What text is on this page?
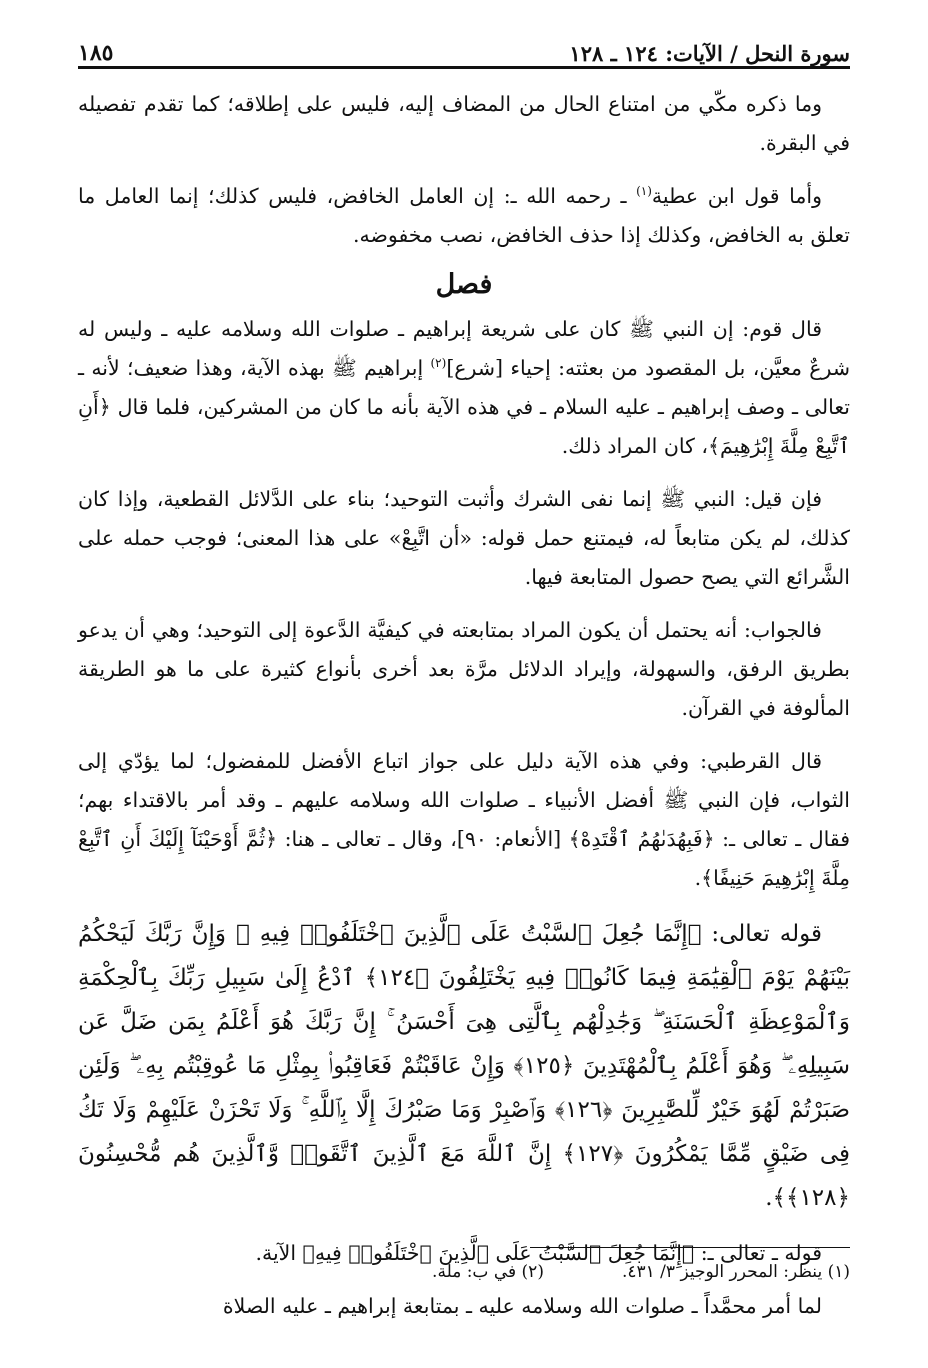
سورة النحل / الآيات: ١٢٤ ـ ١٢٨
١٨٥

وما ذكره مكّي من امتناع الحال من المضاف إليه، فليس على إطلاقه؛ كما تقدم تفصيله في البقرة.

وأما قول ابن عطية$^{(١)}$ ـ رحمه الله ـ: إن العامل الخافض، فليس كذلك؛ إنما العامل ما تعلق به الخافض، وكذلك إذا حذف الخافض، نصب مخفوضه.

فصل

قال قوم: إن النبي ﷺ كان على شريعة إبراهيم ـ صلوات الله وسلامه عليه ـ وليس له شرعٌ معيَّن، بل المقصود من بعثته: إحياء [شرع]$^{(٢)}$ إبراهيم ﷺ بهذه الآية، وهذا ضعيف؛ لأنه ـ تعالى ـ وصف إبراهيم ـ عليه السلام ـ في هذه الآية بأنه ما كان من المشركين، فلما قال ﴿أَنِ ٱتَّبِعْ مِلَّةَ إِبْرَٰهِيمَ﴾، كان المراد ذلك.

فإن قيل: النبي ﷺ إنما نفى الشرك وأثبت التوحيد؛ بناء على الدَّلائل القطعية، وإذا كان كذلك، لم يكن متابعاً له، فيمتنع حمل قوله: «أن اتَّبِعْ» على هذا المعنى؛ فوجب حمله على الشَّرائع التي يصح حصول المتابعة فيها.

فالجواب: أنه يحتمل أن يكون المراد بمتابعته في كيفيَّة الدَّعوة إلى التوحيد؛ وهي أن يدعو بطريق الرفق، والسهولة، وإيراد الدلائل مرَّة بعد أخرى بأنواع كثيرة على ما هو الطريقة المألوفة في القرآن.

قال القرطبي: وفي هذه الآية دليل على جواز اتباع الأفضل للمفضول؛ لما يؤدّي إلى الثواب، فإن النبي ﷺ أفضل الأنبياء ـ صلوات الله وسلامه عليهم ـ وقد أمر بالاقتداء بهم؛ فقال ـ تعالى ـ: ﴿فَبِهُدَىٰهُمُ ٱقْتَدِهْ﴾ [الأنعام: ٩٠]، وقال ـ تعالى ـ هنا: ﴿ثُمَّ أَوْحَيْنَآ إِلَيْكَ أَنِ ٱتَّبِعْ مِلَّةَ إِبْرَٰهِيمَ حَنِيفًا﴾.

قوله تعالى: ﴿إِنَّمَا جُعِلَ ٱلسَّبْتُ عَلَى ٱلَّذِينَ ٱخْتَلَفُوا۟ فِيهِ ۚ وَإِنَّ رَبَّكَ لَيَحْكُمُ بَيْنَهُمْ يَوْمَ ٱلْقِيَٰمَةِ فِيمَا كَانُوا۟ فِيهِ يَخْتَلِفُونَ ﴿١٢٤﴾ ٱدْعُ إِلَىٰ سَبِيلِ رَبِّكَ بِٱلْحِكْمَةِ وَٱلْمَوْعِظَةِ ٱلْحَسَنَةِ ۖ وَجَٰدِلْهُم بِٱلَّتِى هِىَ أَحْسَنُ ۚ إِنَّ رَبَّكَ هُوَ أَعْلَمُ بِمَن ضَلَّ عَن سَبِيلِهِۦ ۖ وَهُوَ أَعْلَمُ بِٱلْمُهْتَدِينَ ﴿١٢٥﴾ وَإِنْ عَاقَبْتُمْ فَعَاقِبُوا۟ بِمِثْلِ مَا عُوقِبْتُم بِهِۦ ۖ وَلَئِن صَبَرْتُمْ لَهُوَ خَيْرٌ لِّلصَّٰبِرِينَ ﴿١٢٦﴾ وَٱصْبِرْ وَمَا صَبْرُكَ إِلَّا بِٱللَّهِ ۚ وَلَا تَحْزَنْ عَلَيْهِمْ وَلَا تَكُ فِى ضَيْقٍ مِّمَّا يَمْكُرُونَ ﴿١٢٧﴾ إِنَّ ٱللَّهَ مَعَ ٱلَّذِينَ ٱتَّقَوا۟ وَّٱلَّذِينَ هُم مُّحْسِنُونَ ﴿١٢٨﴾﴾.

قوله ـ تعالى ـ: ﴿إِنَّمَا جُعِلَ ٱلسَّبْتُ عَلَى ٱلَّذِينَ ٱخْتَلَفُوا۟ فِيهِ﴾ الآية.

لما أمر محمَّداً ـ صلوات الله وسلامه عليه ـ بمتابعة إبراهيم ـ عليه الصلاة

(١) ينظر: المحرر الوجيز ٣/ ٤٣١.
(٢) في ب: ملة.
